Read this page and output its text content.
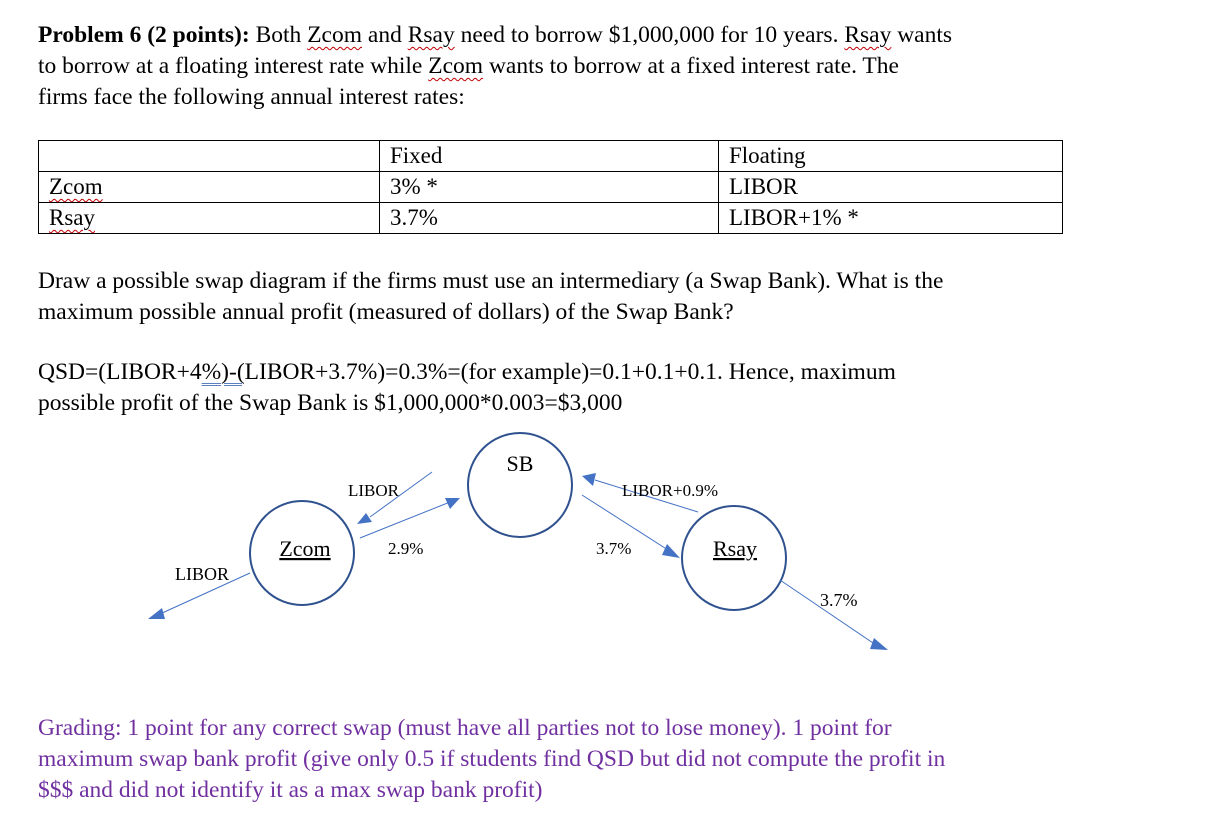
Problem 6 (2 points): Both Zcom and Rsay need to borrow $1,000,000 for 10 years. Rsay wants

to borrow at a floating interest rate while Zcom wants to borrow at a fixed interest rate. The

firms face the following annual interest rates:

	Fixed	Floating
Zcom	3% *	LIBOR
Rsay	3.7%	LIBOR+1% *

Draw a possible swap diagram if the firms must use an intermediary (a Swap Bank). What is the

maximum possible annual profit (measured of dollars) of the Swap Bank?

QSD=(LIBOR+4%)-(LIBOR+3.7%)=0.3%=(for example)=0.1+0.1+0.1. Hence, maximum

possible profit of the Swap Bank is $1,000,000*0.003=$3,000

SB
Zcom	Rsay
LIBOR
2.9%
LIBOR+0.9%
3.7%
LIBOR
3.7%

Grading: 1 point for any correct swap (must have all parties not to lose money). 1 point for

maximum swap bank profit (give only 0.5 if students find QSD but did not compute the profit in

$$$ and did not identify it as a max swap bank profit)
